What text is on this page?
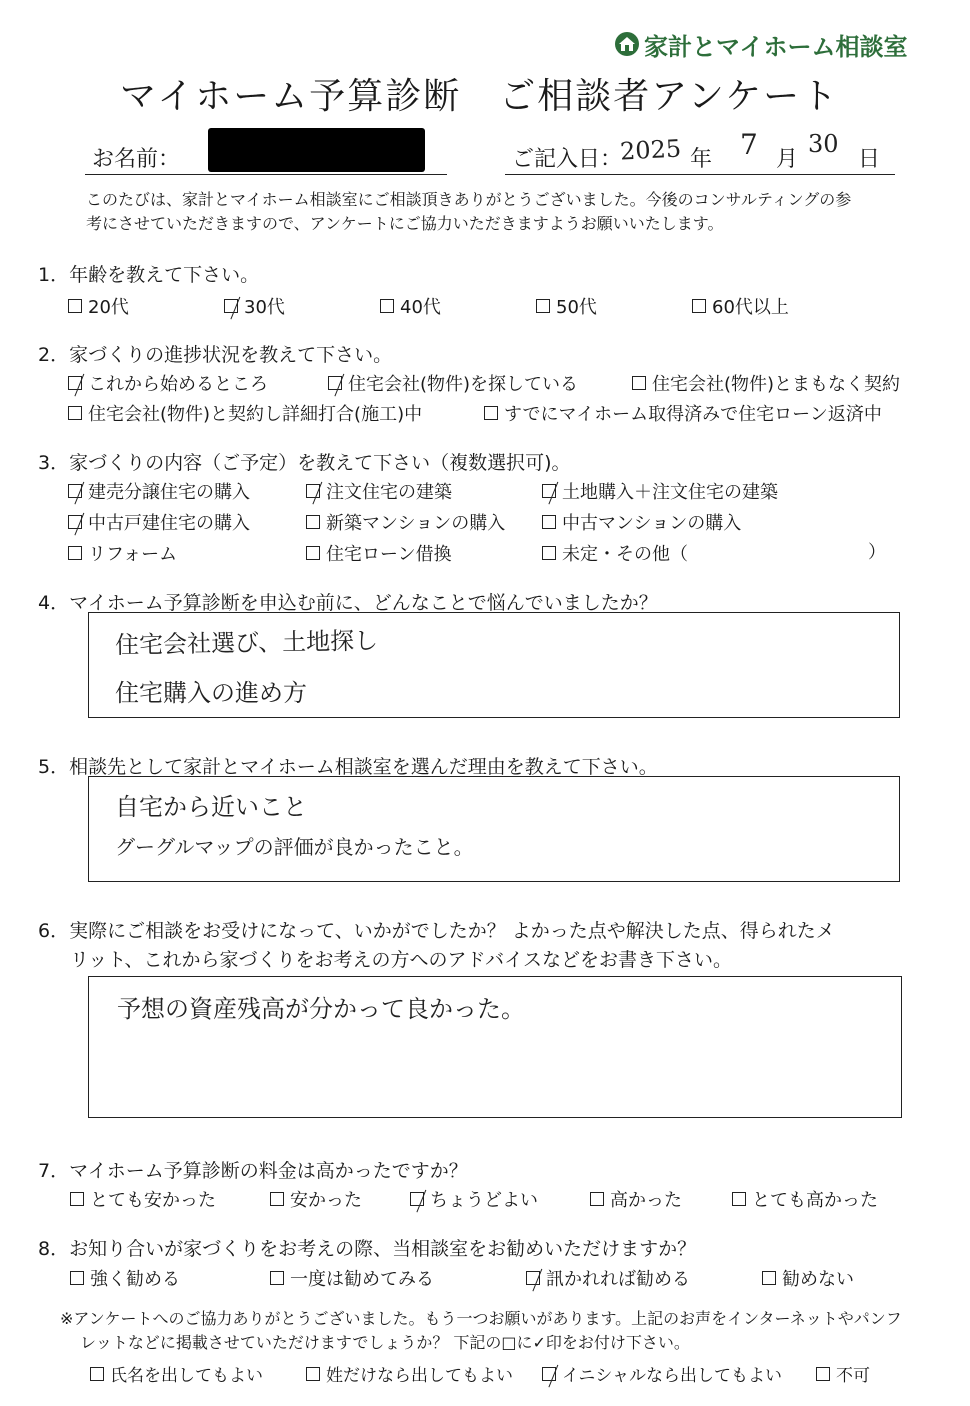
家計とマイホーム相談室
マイホーム予算診断　ご相談者アンケート
お名前：	ご記入日：
2025 年 7 月
30
日
このたびは、家計とマイホーム相談室にご相談頂きありがとうございました。今後のコンサルティングの参
考にさせていただきますので、アンケートにご協力いただきますようお願いいたします。
1．年齢を教えて下さい。
20代	30代	40代	50代	60代以上
2．家づくりの進捗状況を教えて下さい。
これから始めるところ	住宅会社(物件)を探している	住宅会社(物件)とまもなく契約
住宅会社(物件)と契約し詳細打合(施工)中	すでにマイホーム取得済みで住宅ローン返済中
3．家づくりの内容（ご予定）を教えて下さい（複数選択可)。
建売分譲住宅の購入	注文住宅の建築	土地購入＋注文住宅の建築
中古戸建住宅の購入	新築マンションの購入	中古マンションの購入
リフォーム	住宅ローン借換	未定・その他（	）
4．マイホーム予算診断を申込む前に、どんなことで悩んでいましたか？
住宅会社選び、土地探し
住宅購入の進め方
5．相談先として家計とマイホーム相談室を選んだ理由を教えて下さい。
自宅から近いこと
グーグルマップの評価が良かったこと。
6．実際にご相談をお受けになって、いかがでしたか？ よかった点や解決した点、得られたメ
リット、これから家づくりをお考えの方へのアドバイスなどをお書き下さい。
予想の資産残高が分かって良かった。
7．マイホーム予算診断の料金は高かったですか？
とても安かった	安かった	ちょうどよい	高かった	とても高かった
8．お知り合いが家づくりをお考えの際、当相談室をお勧めいただけますか？
強く勧める	一度は勧めてみる	訊かれれば勧める	勧めない
※アンケートへのご協力ありがとうございました。もう一つお願いがあります。上記のお声をインターネットやパンフ
レットなどに掲載させていただけますでしょうか？ 下記の□に✓印をお付け下さい。
氏名を出してもよい	姓だけなら出してもよい	イニシャルなら出してもよい	不可
